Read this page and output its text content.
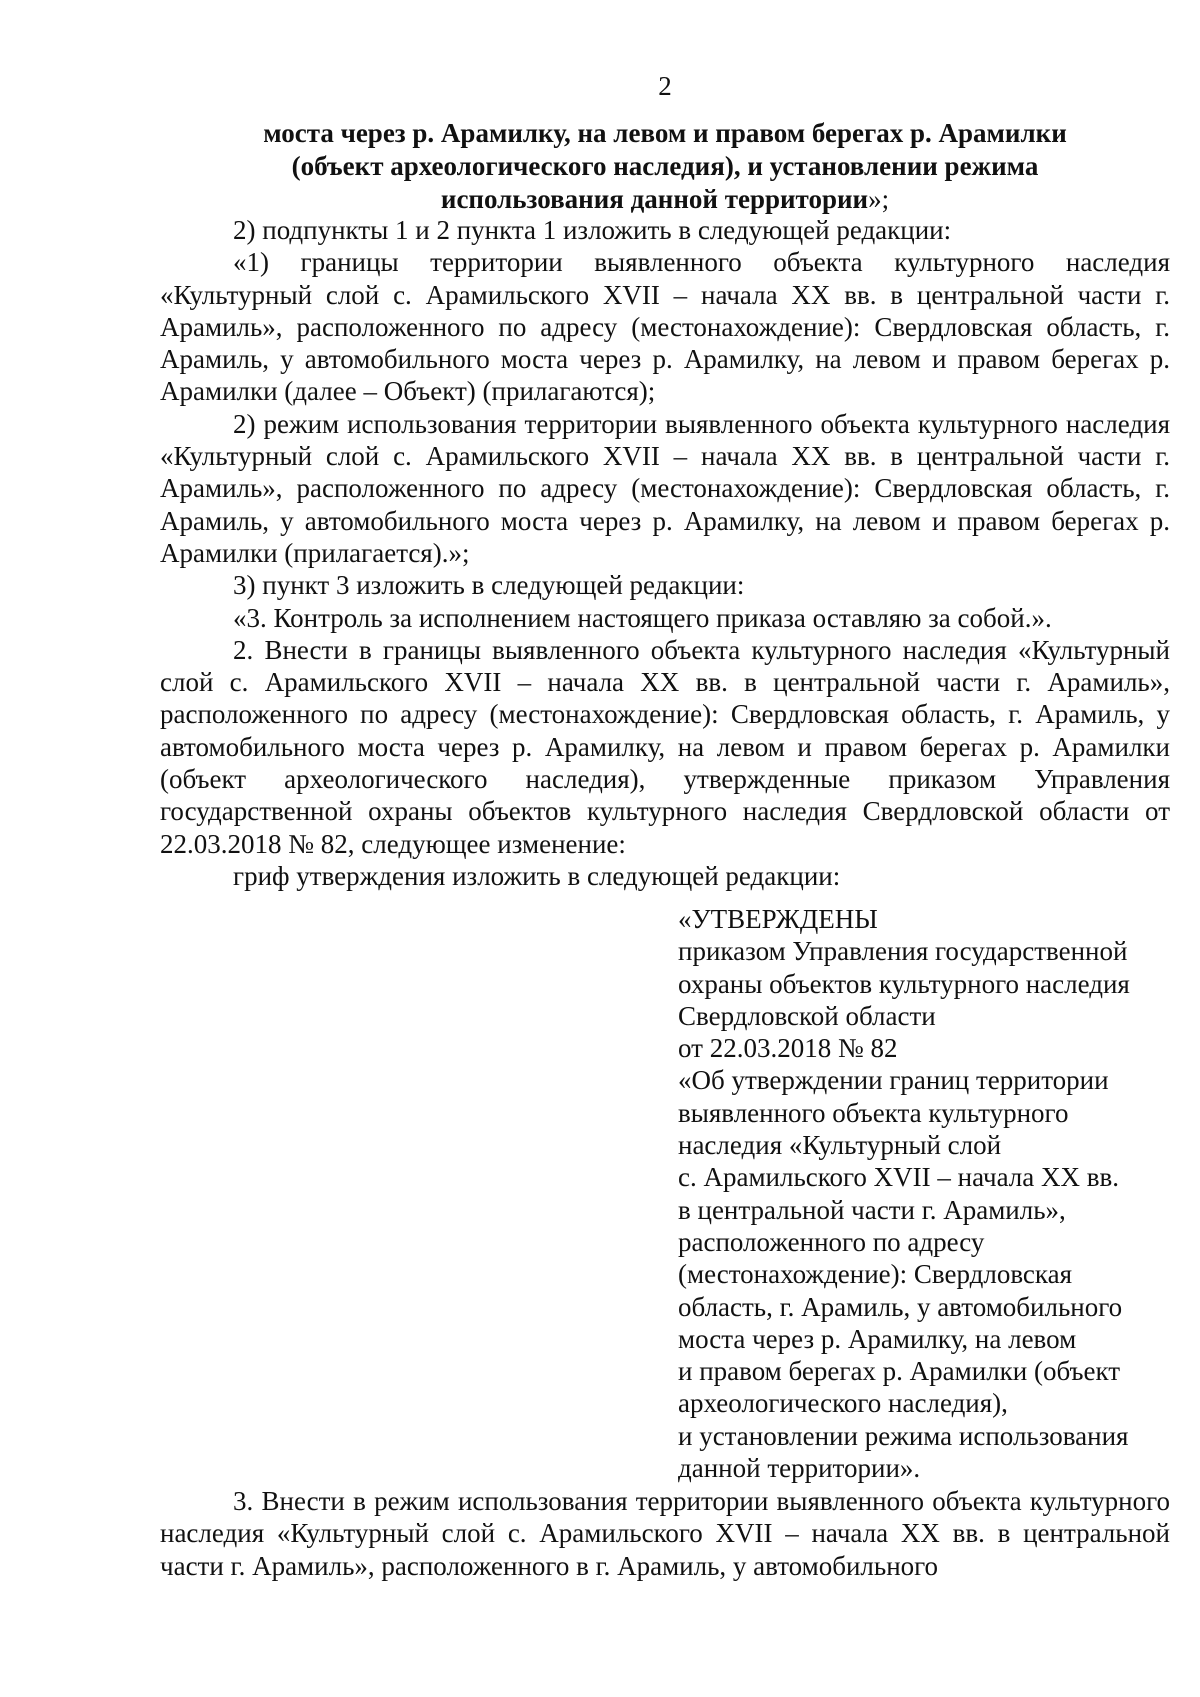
2
моста через р. Арамилку, на левом и правом берегах р. Арамилки
(объект археологического наследия), и установлении режима
использования данной территории»;

2) подпункты 1 и 2 пункта 1 изложить в следующей редакции:

«1) границы территории выявленного объекта культурного наследия «Культурный слой с. Арамильского XVII – начала XX вв. в центральной части г. Арамиль», расположенного по адресу (местонахождение): Свердловская область, г. Арамиль, у автомобильного моста через р. Арамилку, на левом и правом берегах р. Арамилки (далее – Объект) (прилагаются);

2) режим использования территории выявленного объекта культурного наследия «Культурный слой с. Арамильского XVII – начала XX вв. в центральной части г. Арамиль», расположенного по адресу (местонахождение): Свердловская область, г. Арамиль, у автомобильного моста через р. Арамилку, на левом и правом берегах р. Арамилки (прилагается).»;

3) пункт 3 изложить в следующей редакции:

«3. Контроль за исполнением настоящего приказа оставляю за собой.».

2. Внести в границы выявленного объекта культурного наследия «Культурный слой с. Арамильского XVII – начала XX вв. в центральной части г. Арамиль», расположенного по адресу (местонахождение): Свердловская область, г. Арамиль, у автомобильного моста через р. Арамилку, на левом и правом берегах р. Арамилки (объект археологического наследия), утвержденные приказом Управления государственной охраны объектов культурного наследия Свердловской области от 22.03.2018 № 82, следующее изменение:

гриф утверждения изложить в следующей редакции:

«УТВЕРЖДЕНЫ
приказом Управления государственной
охраны объектов культурного наследия
Свердловской области
от 22.03.2018 № 82
«Об утверждении границ территории
выявленного объекта культурного
наследия «Культурный слой
с. Арамильского XVII – начала XX вв.
в центральной части г. Арамиль»,
расположенного по адресу
(местонахождение): Свердловская
область, г. Арамиль, у автомобильного
моста через р. Арамилку, на левом
и правом берегах р. Арамилки (объект
археологического наследия),
и установлении режима использования
данной территории».

3. Внести в режим использования территории выявленного объекта культурного наследия «Культурный слой с. Арамильского XVII – начала XX вв. в центральной части г. Арамиль», расположенного в г. Арамиль, у автомобильного
